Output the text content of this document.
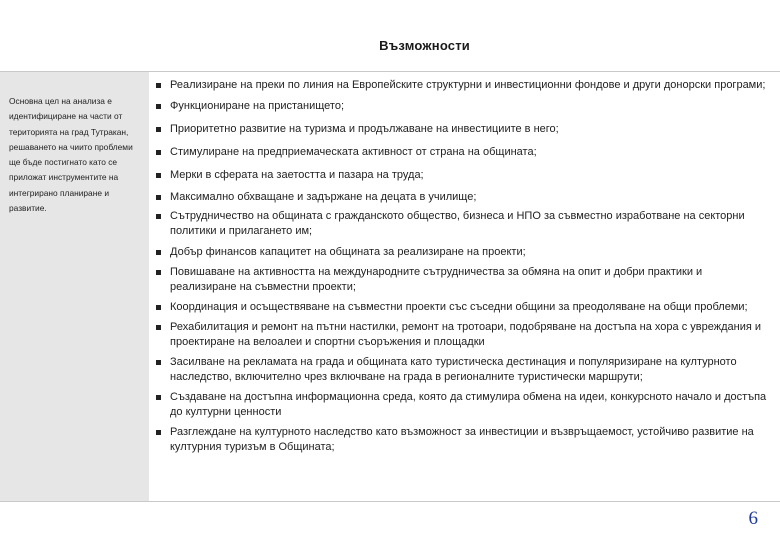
Възможности
Основна цел на анализа е идентифициране на части от територията на град Тутракан, решаването на чиито проблеми ще бъде постигнато като се приложат инструментите на интегрирано планиране и развитие.
Реализиране на преки по линия на Европейските структурни и инвестиционни фондове и други донорски програми;
Функциониране на пристанището;
Приоритетно развитие на туризма и продължаване на инвестициите в него;
Стимулиране на предприемаческата активност от страна на общината;
Мерки в сферата на заетостта и пазара на труда;
Максимално обхващане и задържане на децата в училище;
Сътрудничество на общината с гражданското общество, бизнеса и НПО за съвместно изработване на секторни политики и прилагането им;
Добър финансов капацитет на общината за реализиране на проекти;
Повишаване на активността на международните сътрудничества за обмяна на опит и добри практики и реализиране на съвместни проекти;
Координация и осъществяване на съвместни проекти със съседни общини за преодоляване на общи проблеми;
Рехабилитация и ремонт на пътни настилки, ремонт на тротоари, подобряване на достъпа на хора с увреждания и проектиране на велоалеи и спортни съоръжения и площадки
Засилване на рекламата на града и общината като туристическа дестинация и популяризиране на културното наследство, включително чрез включване на града в регионалните туристически маршрути;
Създаване на достъпна информационна среда, която да стимулира обмена на идеи, конкурсното начало и достъпа до културни ценности
Разглеждане на културното наследство като възможност за инвестиции и възвръщаемост, устойчиво развитие на културния туризъм в Общината;
6
